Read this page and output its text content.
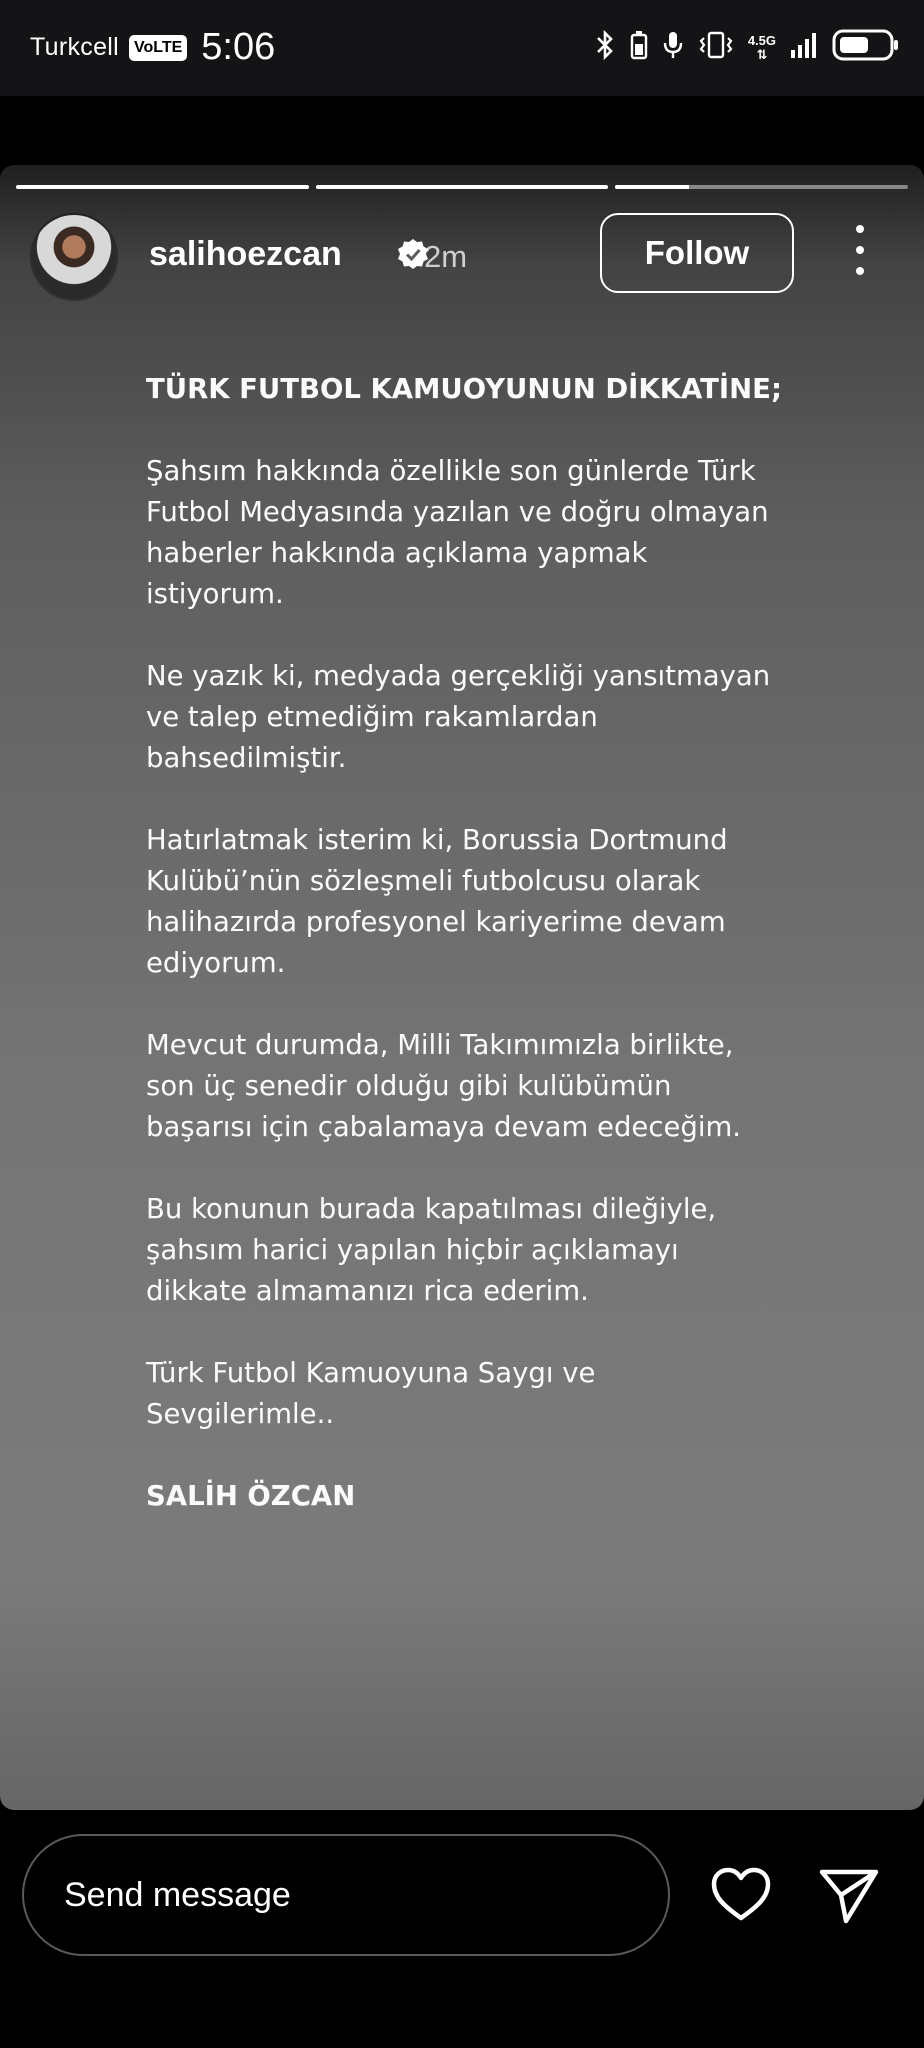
Turkcell VoLTE 5:06	4.5G
⇅
salihoezcan	2m	Follow

TÜRK FUTBOL KAMUOYUNUN DİKKATİNE;

Şahsım hakkında özellikle son günlerde Türk Futbol Medyasında yazılan ve doğru olmayan haberler hakkında açıklama yapmak istiyorum.

Ne yazık ki, medyada gerçekliği yansıtmayan ve talep etmediğim rakamlardan bahsedilmiştir.

Hatırlatmak isterim ki, Borussia Dortmund Kulübü’nün sözleşmeli futbolcusu olarak halihazırda profesyonel kariyerime devam ediyorum.

Mevcut durumda, Milli Takımımızla birlikte, son üç senedir olduğu gibi kulübümün başarısı için çabalamaya devam edeceğim.

Bu konunun burada kapatılması dileğiyle, şahsım harici yapılan hiçbir açıklamayı dikkate almamanızı rica ederim.

Türk Futbol Kamuoyuna Saygı ve Sevgilerimle..

SALİH ÖZCAN

Send message
